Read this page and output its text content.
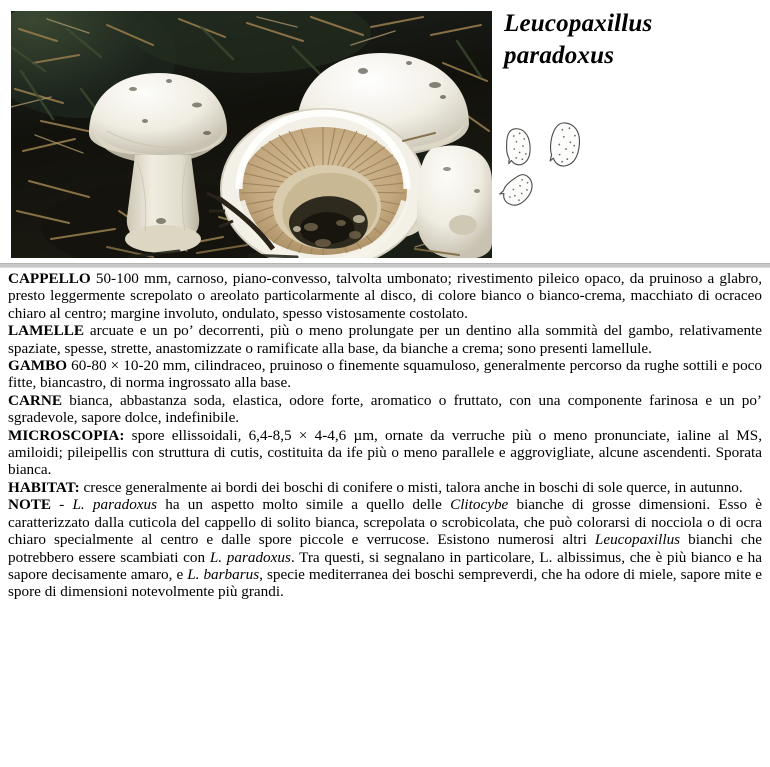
Leucopaxillus
paradoxus

CAPPELLO 50-100 mm, carnoso, piano-convesso, talvolta umbonato; rivestimento pileico opaco, da pruinoso a glabro, presto leggermente screpolato o areolato particolarmente al disco, di colore bianco o bianco-crema, macchiato di ocraceo chiaro al centro; margine involuto, ondulato, spesso vistosamente costolato.

LAMELLE arcuate e un po’ decorrenti, più o meno prolungate per un dentino alla sommità del gambo, relativamente spaziate, spesse, strette, anastomizzate o ramificate alla base, da bianche a crema; sono presenti lamellule.

GAMBO 60-80 × 10-20 mm, cilindraceo, pruinoso o finemente squamuloso, generalmente percorso da rughe sottili e poco fitte, biancastro, di norma ingrossato alla base.

CARNE bianca, abbastanza soda, elastica, odore forte, aromatico o fruttato, con una componente farinosa e un po’ sgradevole, sapore dolce, indefinibile.

MICROSCOPIA: spore ellissoidali, 6,4-8,5 × 4-4,6 µm, ornate da verruche più o meno pronunciate, ialine al MS, amiloidi; pileipellis con struttura di cutis, costituita da ife più o meno parallele e aggrovigliate, alcune ascendenti. Sporata bianca.

HABITAT: cresce generalmente ai bordi dei boschi di conifere o misti, talora anche in boschi di sole querce, in autunno.

NOTE - L. paradoxus ha un aspetto molto simile a quello delle Clitocybe bianche di grosse dimensioni. Esso è caratterizzato dalla cuticola del cappello di solito bianca, screpolata o scrobicolata, che può colorarsi di nocciola o di ocra chiaro specialmente al centro e dalle spore piccole e verrucose. Esistono numerosi altri Leucopaxillus bianchi che potrebbero essere scambiati con L. paradoxus. Tra questi, si segnalano in particolare, L. albissimus, che è più bianco e ha sapore decisamente amaro, e L. barbarus, specie mediterranea dei boschi sempreverdi, che ha odore di miele, sapore mite e spore di dimensioni notevolmente più grandi.
